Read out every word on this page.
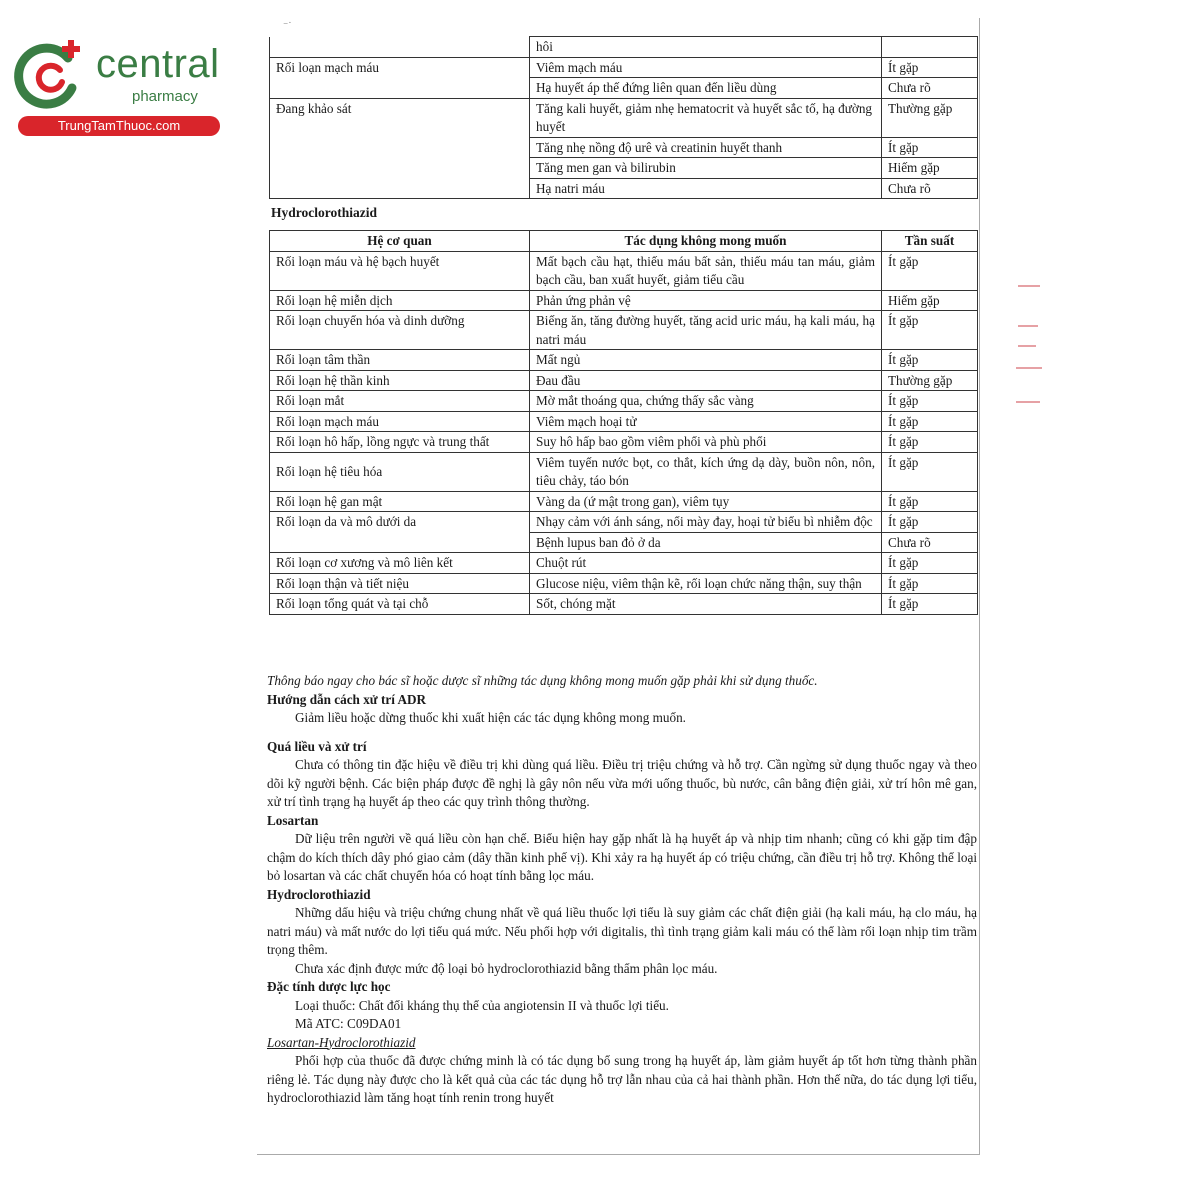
central
pharmacy
TrungTamThuoc.com
⁻˙
	hôi	
Rối loạn mạch máu	Viêm mạch máu	Ít gặp
	Hạ huyết áp thế đứng liên quan đến liều dùng	Chưa rõ
Đang khảo sát	Tăng kali huyết, giảm nhẹ hematocrit và huyết sắc tố, hạ đường huyết	Thường gặp
	Tăng nhẹ nồng độ urê và creatinin huyết thanh	Ít gặp
	Tăng men gan và bilirubin	Hiếm gặp
	Hạ natri máu	Chưa rõ
Hydroclorothiazid
Hệ cơ quan	Tác dụng không mong muốn	Tần suất
Rối loạn máu và hệ bạch huyết	Mất bạch cầu hạt, thiếu máu bất sản, thiếu máu tan máu, giảm bạch cầu, ban xuất huyết, giảm tiểu cầu	Ít gặp
Rối loạn hệ miễn dịch	Phản ứng phản vệ	Hiếm gặp
Rối loạn chuyển hóa và dinh dưỡng	Biếng ăn, tăng đường huyết, tăng acid uric máu, hạ kali máu, hạ natri máu	Ít gặp
Rối loạn tâm thần	Mất ngủ	Ít gặp
Rối loạn hệ thần kinh	Đau đầu	Thường gặp
Rối loạn mắt	Mờ mắt thoáng qua, chứng thấy sắc vàng	Ít gặp
Rối loạn mạch máu	Viêm mạch hoại tử	Ít gặp
Rối loạn hô hấp, lồng ngực và trung thất	Suy hô hấp bao gồm viêm phổi và phù phổi	Ít gặp
Rối loạn hệ tiêu hóa	Viêm tuyến nước bọt, co thắt, kích ứng dạ dày, buồn nôn, nôn, tiêu chảy, táo bón	Ít gặp
Rối loạn hệ gan mật	Vàng da (ứ mật trong gan), viêm tụy	Ít gặp
Rối loạn da và mô dưới da	Nhạy cảm với ánh sáng, nổi mày đay, hoại tử biểu bì nhiễm độc	Ít gặp
	Bệnh lupus ban đỏ ở da	Chưa rõ
Rối loạn cơ xương và mô liên kết	Chuột rút	Ít gặp
Rối loạn thận và tiết niệu	Glucose niệu, viêm thận kẽ, rối loạn chức năng thận, suy thận	Ít gặp
Rối loạn tổng quát và tại chỗ	Sốt, chóng mặt	Ít gặp

Thông báo ngay cho bác sĩ hoặc dược sĩ những tác dụng không mong muốn gặp phải khi sử dụng thuốc.

Hướng dẫn cách xử trí ADR

Giảm liều hoặc dừng thuốc khi xuất hiện các tác dụng không mong muốn.

Quá liều và xử trí

Chưa có thông tin đặc hiệu về điều trị khi dùng quá liều. Điều trị triệu chứng và hỗ trợ. Cần ngừng sử dụng thuốc ngay và theo dõi kỹ người bệnh. Các biện pháp được đề nghị là gây nôn nếu vừa mới uống thuốc, bù nước, cân bằng điện giải, xử trí hôn mê gan, xử trí tình trạng hạ huyết áp theo các quy trình thông thường.

Losartan

Dữ liệu trên người về quá liều còn hạn chế. Biểu hiện hay gặp nhất là hạ huyết áp và nhịp tim nhanh; cũng có khi gặp tim đập chậm do kích thích dây phó giao cảm (dây thần kinh phế vị). Khi xảy ra hạ huyết áp có triệu chứng, cần điều trị hỗ trợ. Không thể loại bỏ losartan và các chất chuyển hóa có hoạt tính bằng lọc máu.

Hydroclorothiazid

Những dấu hiệu và triệu chứng chung nhất về quá liều thuốc lợi tiểu là suy giảm các chất điện giải (hạ kali máu, hạ clo máu, hạ natri máu) và mất nước do lợi tiểu quá mức. Nếu phối hợp với digitalis, thì tình trạng giảm kali máu có thể làm rối loạn nhịp tim trầm trọng thêm.

Chưa xác định được mức độ loại bỏ hydroclorothiazid bằng thẩm phân lọc máu.

Đặc tính dược lực học

Loại thuốc: Chất đối kháng thụ thể của angiotensin II và thuốc lợi tiểu.

Mã ATC: C09DA01

Losartan-Hydroclorothiazid

Phối hợp của thuốc đã được chứng minh là có tác dụng bổ sung trong hạ huyết áp, làm giảm huyết áp tốt hơn từng thành phần riêng lẻ. Tác dụng này được cho là kết quả của các tác dụng hỗ trợ lẫn nhau của cả hai thành phần. Hơn thế nữa, do tác dụng lợi tiểu, hydroclorothiazid làm tăng hoạt tính renin trong huyết
